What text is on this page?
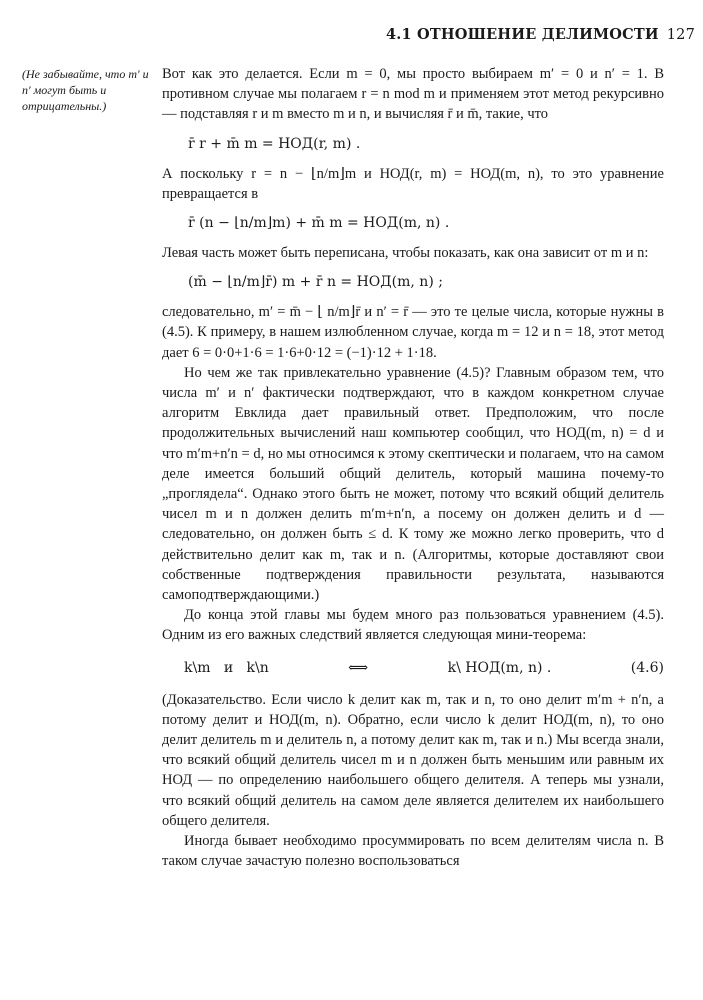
4.1 ОТНОШЕНИЕ ДЕЛИМОСТИ 127
(Не забывайте, что m′ и n′ могут быть и отрицательны.)

Вот как это делается. Если m = 0, мы просто выбираем m′ = 0 и n′ = 1. В противном случае мы полагаем r = n mod m и применяем этот метод рекурсивно — подставляя r и m вместо m и n, и вычисляя r̄ и m̄, такие, что

r̄ r + m̄ m = НОД(r, m) .

А поскольку r = n − ⌊n/m⌋m и НОД(r, m) = НОД(m, n), то это уравнение превращается в

r̄ (n − ⌊n/m⌋m) + m̄ m = НОД(m, n) .

Левая часть может быть переписана, чтобы показать, как она зависит от m и n:

(m̄ − ⌊n/m⌋r̄) m + r̄ n = НОД(m, n) ;

следовательно, m′ = m̄ − ⌊ n/m⌋r̄ и n′ = r̄ — это те целые числа, которые нужны в (4.5). К примеру, в нашем излюбленном случае, когда m = 12 и n = 18, этот метод дает 6 = 0·0+1·6 = 1·6+0·12 = (−1)·12 + 1·18.

Но чем же так привлекательно уравнение (4.5)? Главным образом тем, что числа m′ и n′ фактически подтверждают, что в каждом конкретном случае алгоритм Евклида дает правильный ответ. Предположим, что после продолжительных вычислений наш компьютер сообщил, что НОД(m, n) = d и что m′m+n′n = d, но мы относимся к этому скептически и полагаем, что на самом деле имеется больший общий делитель, который машина почему-то „проглядела“. Однако этого быть не может, потому что всякий общий делитель чисел m и n должен делить m′m+n′n, а посему он должен делить и d — следовательно, он должен быть ≤ d. К тому же можно легко проверить, что d действительно делит как m, так и n. (Алгоритмы, которые доставляют свои собственные подтверждения правильности результата, называются самоподтверждающими.)

До конца этой главы мы будем много раз пользоваться уравнением (4.5). Одним из его важных следствий является следующая мини-теорема:

k\m   и   k\n	⟺	k\ НОД(m, n) .	(4.6)

(Доказательство. Если число k делит как m, так и n, то оно делит m′m + n′n, а потому делит и НОД(m, n). Обратно, если число k делит НОД(m, n), то оно делит делитель m и делитель n, а потому делит как m, так и n.) Мы всегда знали, что всякий общий делитель чисел m и n должен быть меньшим или равным их НОД — по определению наибольшего общего делителя. А теперь мы узнали, что всякий общий делитель на самом деле является делителем их наибольшего общего делителя.

Иногда бывает необходимо просуммировать по всем делителям числа n. В таком случае зачастую полезно воспользоваться
